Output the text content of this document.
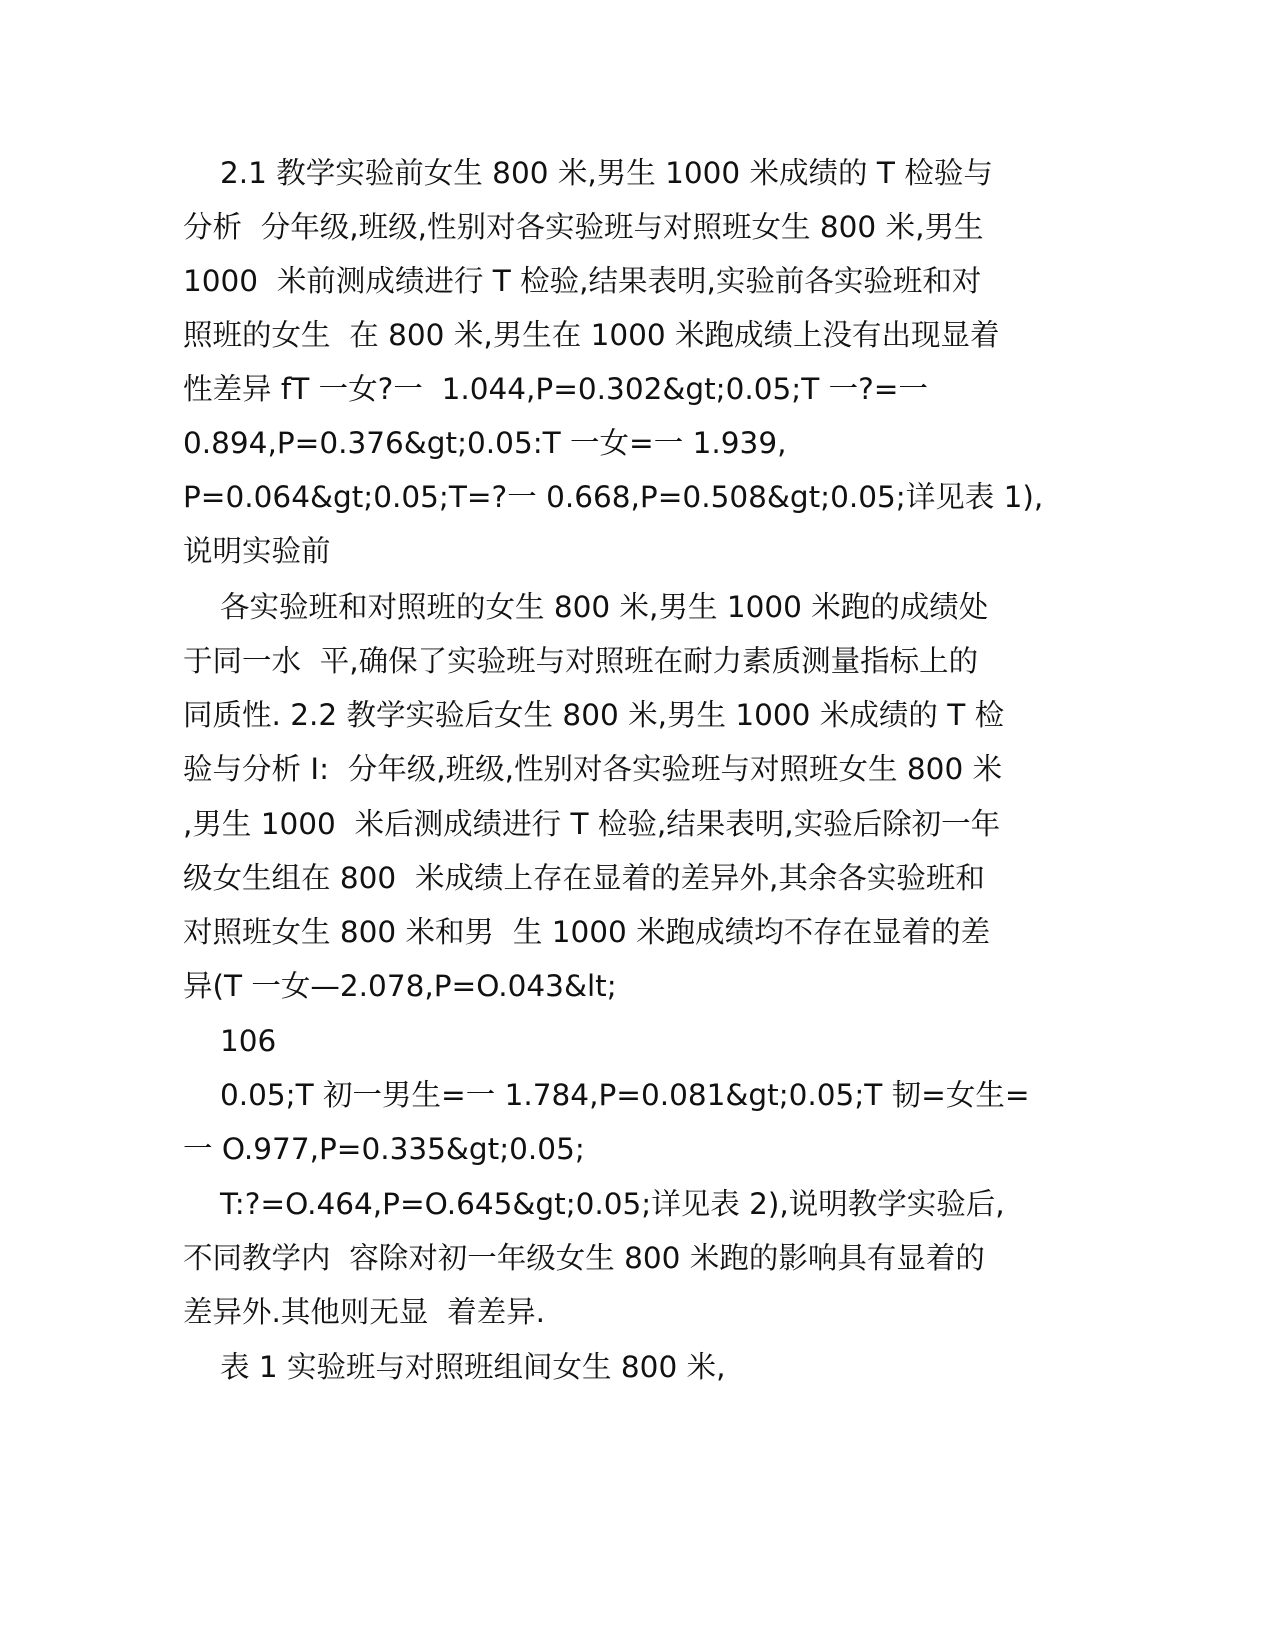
2.1 教学实验前女生 800 米,男生 1000 米成绩的 T 检验与
分析  分年级,班级,性别对各实验班与对照班女生 800 米,男生
1000  米前测成绩进行 T 检验,结果表明,实验前各实验班和对
照班的女生  在 800 米,男生在 1000 米跑成绩上没有出现显着
性差异 fT 一女?一  1.044,P=0.302&gt;0.05;T 一?=一
0.894,P=0.376&gt;0.05:T 一女=一 1.939,
P=0.064&gt;0.05;T=?一 0.668,P=0.508&gt;0.05;详见表 1),
说明实验前
各实验班和对照班的女生 800 米,男生 1000 米跑的成绩处
于同一水  平,确保了实验班与对照班在耐力素质测量指标上的
同质性. 2.2 教学实验后女生 800 米,男生 1000 米成绩的 T 检
验与分析 I:  分年级,班级,性别对各实验班与对照班女生 800 米
,男生 1000  米后测成绩进行 T 检验,结果表明,实验后除初一年
级女生组在 800  米成绩上存在显着的差异外,其余各实验班和
对照班女生 800 米和男  生 1000 米跑成绩均不存在显着的差
异(T 一女—2.078,P=O.043&lt;
106
0.05;T 初一男生=一 1.784,P=0.081&gt;0.05;T 韧=女生=
一 O.977,P=0.335&gt;0.05;
T:?=O.464,P=O.645&gt;0.05;详见表 2),说明教学实验后,
不同教学内  容除对初一年级女生 800 米跑的影响具有显着的
差异外.其他则无显  着差异.
表 1 实验班与对照班组间女生 800 米,
